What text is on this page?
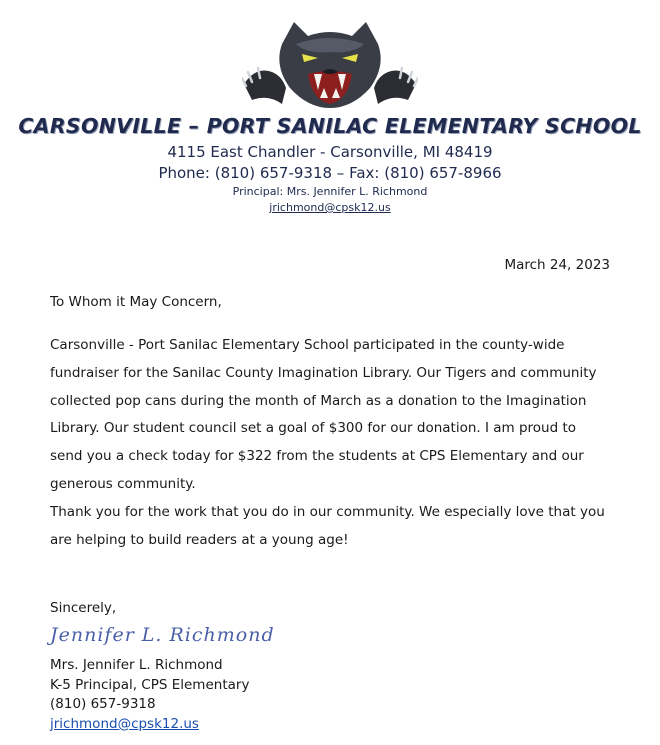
CARSONVILLE – PORT SANILAC ELEMENTARY SCHOOL
4115 East Chandler - Carsonville, MI 48419
Phone: (810) 657-9318 – Fax: (810) 657-8966
Principal: Mrs. Jennifer L. Richmond
jrichmond@cpsk12.us
March 24, 2023
To Whom it May Concern,
Carsonville - Port Sanilac Elementary School participated in the county-wide fundraiser for the Sanilac County Imagination Library. Our Tigers and community collected pop cans during the month of March as a donation to the Imagination Library. Our student council set a goal of $300 for our donation. I am proud to send you a check today for $322 from the students at CPS Elementary and our generous community.
Thank you for the work that you do in our community. We especially love that you are helping to build readers at a young age!
Sincerely,
Jennifer L. Richmond
Mrs. Jennifer L. Richmond
K-5 Principal, CPS Elementary
(810) 657-9318
jrichmond@cpsk12.us
